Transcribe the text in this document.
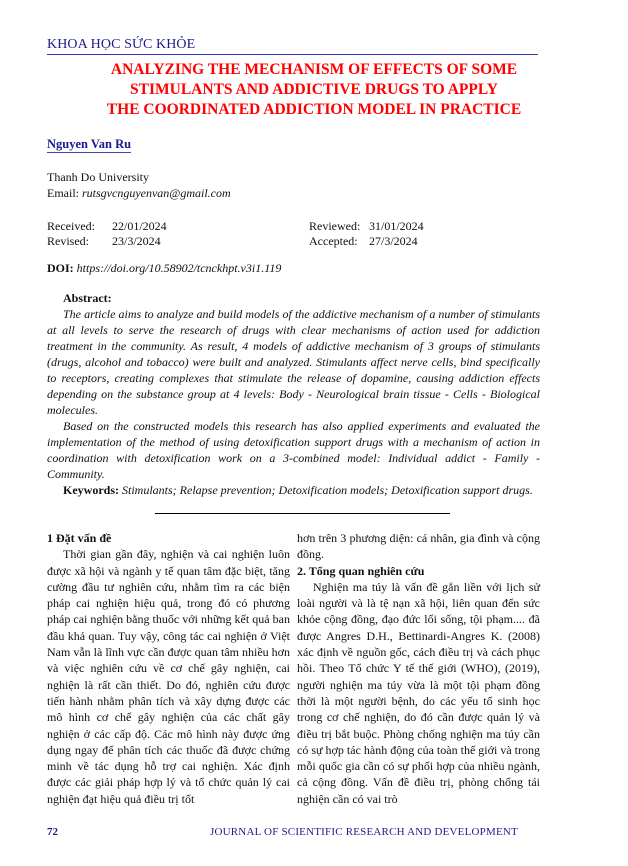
KHOA HỌC SỨC KHỎE
ANALYZING THE MECHANISM OF EFFECTS OF SOME
STIMULANTS AND ADDICTIVE DRUGS TO APPLY
THE COORDINATED ADDICTION MODEL IN PRACTICE
Nguyen Van Ru
Thanh Do University
Email: rutsgvcnguyenvan@gmail.com
Received: 22/01/2024	Reviewed: 31/01/2024
Revised: 23/3/2024	Accepted: 27/3/2024
DOI: https://doi.org/10.58902/tcnckhpt.v3i1.119
Abstract:

The article aims to analyze and build models of the addictive mechanism of a number of stimulants at all levels to serve the research of drugs with clear mechanisms of action used for addiction treatment in the community. As result, 4 models of addictive mechanism of 3 groups of stimulants (drugs, alcohol and tobacco) were built and analyzed. Stimulants affect nerve cells, bind specifically to receptors, creating complexes that stimulate the release of dopamine, causing addiction effects depending on the substance group at 4 levels: Body - Neurological brain tissue - Cells - Biological molecules.

Based on the constructed models this research has also applied experiments and evaluated the implementation of the method of using detoxification support drugs with a mechanism of action in coordination with detoxification work on a 3-combined model: Individual addict - Family - Community.

Keywords: Stimulants; Relapse prevention; Detoxification models; Detoxification support drugs.
1 Đặt vấn đề

Thời gian gần đây, nghiện và cai nghiện luôn được xã hội và ngành y tế quan tâm đặc biệt, tăng cường đầu tư nghiên cứu, nhằm tìm ra các biện pháp cai nghiện hiệu quả, trong đó có phương pháp cai nghiện bằng thuốc với những kết quả ban đầu khả quan. Tuy vậy, công tác cai nghiện ở Việt Nam vẫn là lĩnh vực cần được quan tâm nhiều hơn và việc nghiên cứu về cơ chế gây nghiện, cai nghiện là rất cần thiết. Do đó, nghiên cứu được tiến hành nhằm phân tích và xây dựng được các mô hình cơ chế gây nghiện của các chất gây nghiện ở các cấp độ. Các mô hình này được ứng dụng ngay để phân tích các thuốc đã được chứng minh về tác dụng hỗ trợ cai nghiện. Xác định được các giải pháp hợp lý và tổ chức quản lý cai nghiện đạt hiệu quả điều trị tốt

hơn trên 3 phương diện: cá nhân, gia đình và cộng đồng.

2. Tổng quan nghiên cứu

Nghiện ma túy là vấn đề gắn liền với lịch sử loài người và là tệ nạn xã hội, liên quan đến sức khỏe cộng đồng, đạo đức lối sống, tội phạm.... đã được Angres D.H., Bettinardi-Angres K. (2008) xác định về nguồn gốc, cách điều trị và cách phục hồi. Theo Tổ chức Y tế thế giới (WHO), (2019), người nghiện ma túy vừa là một tội phạm đồng thời là một người bệnh, do các yếu tố sinh học trong cơ chế nghiện, do đó cần được quản lý và điều trị bắt buộc. Phòng chống nghiện ma túy cần có sự hợp tác hành động của toàn thế giới và trong mỗi quốc gia cần có sự phối hợp của nhiều ngành, cả cộng đồng. Vấn đề điều trị, phòng chống tái nghiện cần có vai trò

72	JOURNAL OF SCIENTIFIC RESEARCH AND DEVELOPMENT
